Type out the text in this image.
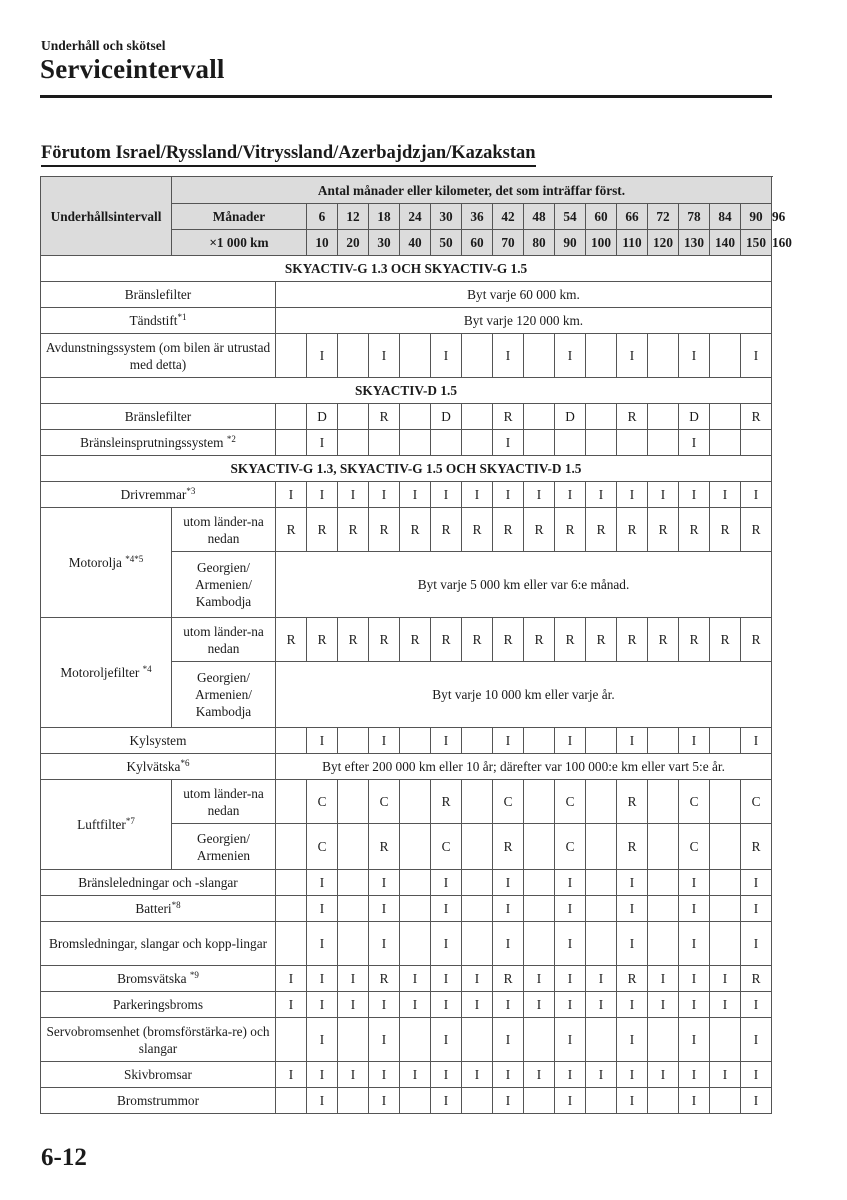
Underhåll och skötsel
Serviceintervall
Förutom Israel/Ryssland/Vitryssland/Azerbajdzjan/Kazakstan
Underhållsintervall	Antal månader eller kilometer, det som inträffar först.																	
	Månader		6	12	18	24	30	36	42	48	54	60	66	72	78	84	90	96
	×1 000 km		10	20	30	40	50	60	70	80	90	100	110	120	130	140	150	160
SKYACTIV-G 1.3 OCH SKYACTIV-G 1.5																		
Bränslefilter		Byt varje 60 000 km.																
Tändstift$^{*1}$		Byt varje 120 000 km.																
Avdunstningssystem (om bilen är utrustad med detta)			I		I		I		I		I		I		I		I	
SKYACTIV-D 1.5																		
Bränslefilter			D		R		D		R		D		R		D		R	
Bränsleinsprutningssystem $^{*2}$			I						I						I			
SKYACTIV-G 1.3, SKYACTIV-G 1.5 OCH SKYACTIV-D 1.5																		
Drivremmar$^{*3}$		I	I	I	I	I	I	I	I	I	I	I	I	I	I	I	I	
Motorolja $^{*4*5}$	utom länder-na nedan	R	R	R	R	R	R	R	R	R	R	R	R	R	R	R	R	
	Georgien/ Armenien/ Kambodja	Byt varje 5 000 km eller var 6:e månad.																
Motoroljefilter $^{*4}$	utom länder-na nedan	R	R	R	R	R	R	R	R	R	R	R	R	R	R	R	R	
	Georgien/ Armenien/ Kambodja	Byt varje 10 000 km eller varje år.																
Kylsystem			I		I		I		I		I		I		I		I	
Kylvätska$^{*6}$		Byt efter 200 000 km eller 10 år; därefter var 100 000:e km eller vart 5:e år.																
Luftfilter$^{*7}$	utom länder-na nedan		C		C		R		C		C		R		C		C	
	Georgien/ Armenien		C		R		C		R		C		R		C		R	
Bränsleledningar och -slangar			I		I		I		I		I		I		I		I	
Batteri$^{*8}$			I		I		I		I		I		I		I		I	
Bromsledningar, slangar och kopp-lingar			I		I		I		I		I		I		I		I	
Bromsvätska $^{*9}$		I	I	I	R	I	I	I	R	I	I	I	R	I	I	I	R	
Parkeringsbroms		I	I	I	I	I	I	I	I	I	I	I	I	I	I	I	I	
Servobromsenhet (bromsförstärka-re) och slangar			I		I		I		I		I		I		I		I	
Skivbromsar		I	I	I	I	I	I	I	I	I	I	I	I	I	I	I	I	
Bromstrummor			I		I		I		I		I		I		I		I	
6-12
